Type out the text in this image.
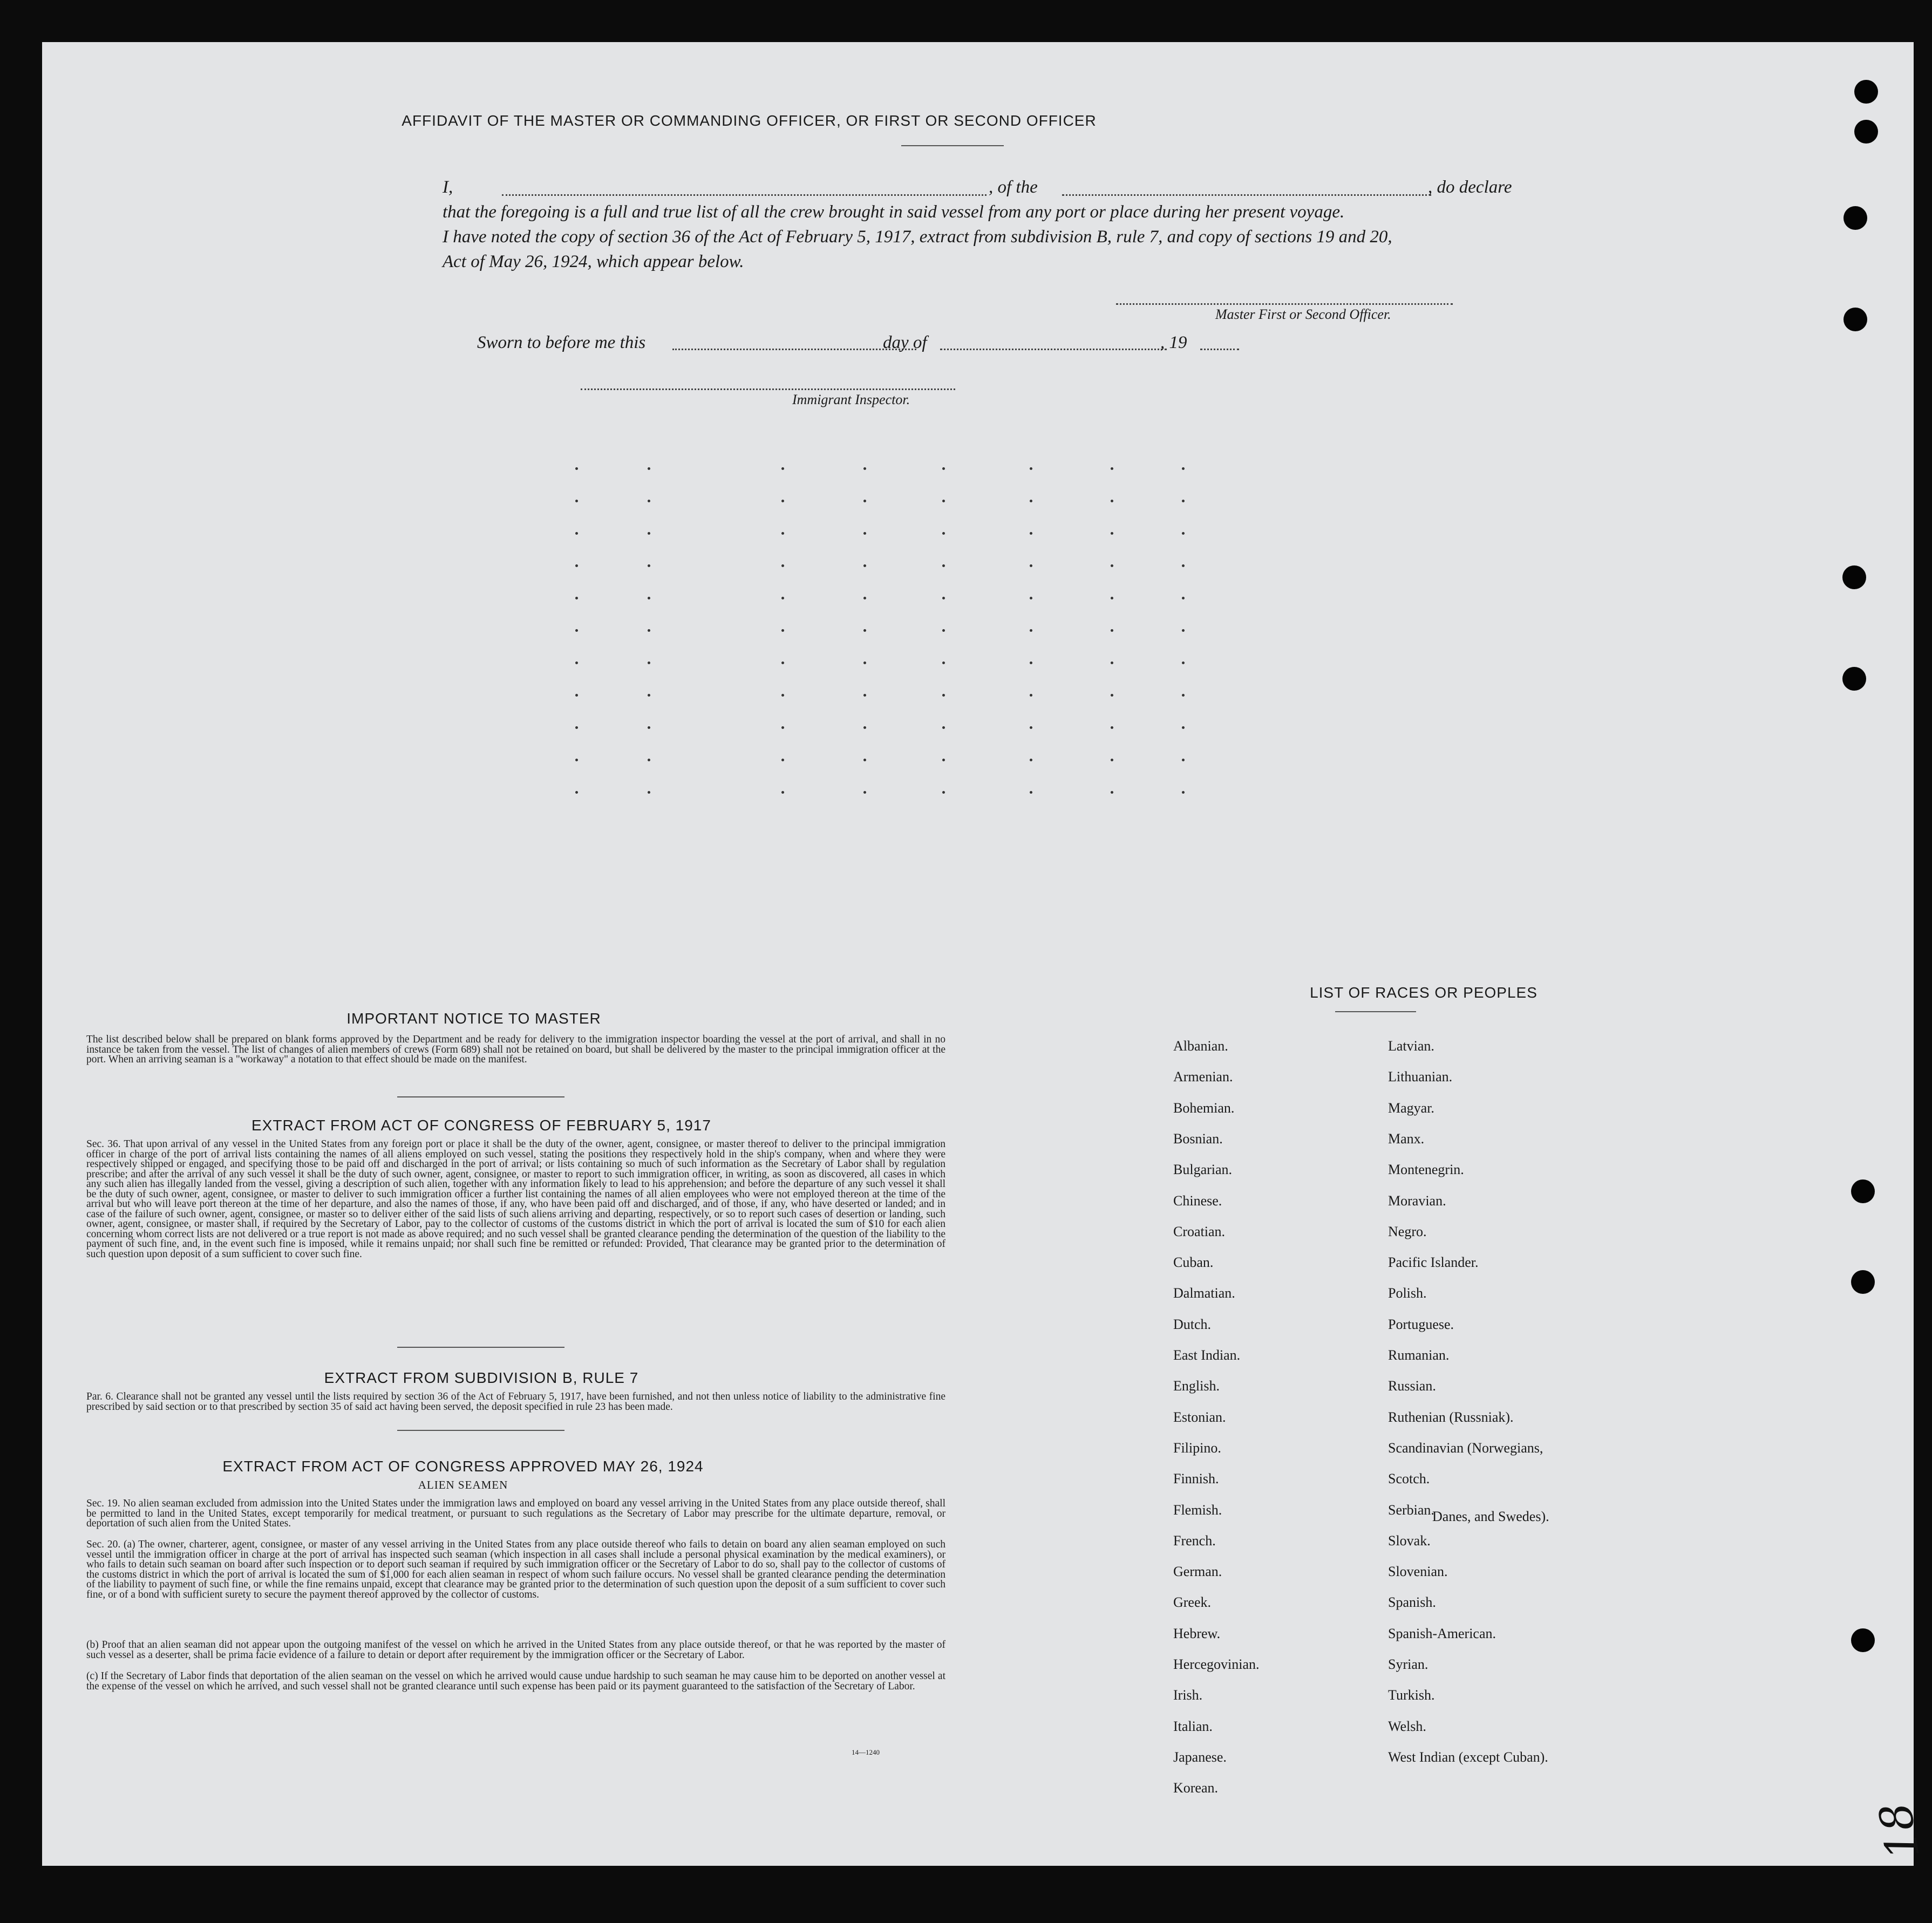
AFFIDAVIT OF THE MASTER OR COMMANDING OFFICER, OR FIRST OR SECOND OFFICER
I,	, of the	, do declare
that the foregoing is a full and true list of all the crew brought in said vessel from any port or place during her present voyage.
I have noted the copy of section 36 of the Act of February 5, 1917, extract from subdivision B, rule 7, and copy of sections 19 and 20,
Act of May 26, 1924, which appear below.
Master First or Second Officer.
Sworn to before me this	day of	, 19
Immigrant Inspector.
IMPORTANT NOTICE TO MASTER
The list described below shall be prepared on blank forms approved by the Department and be ready for delivery to the immigration inspector boarding the vessel at the port of arrival, and shall in no instance be taken from the vessel. The list of changes of alien members of crews (Form 689) shall not be retained on board, but shall be delivered by the master to the principal immigration officer at the port. When an arriving seaman is a "workaway" a notation to that effect should be made on the manifest.
EXTRACT FROM ACT OF CONGRESS OF FEBRUARY 5, 1917
Sec. 36. That upon arrival of any vessel in the United States from any foreign port or place it shall be the duty of the owner, agent, consignee, or master thereof to deliver to the principal immigration officer in charge of the port of arrival lists containing the names of all aliens employed on such vessel, stating the positions they respectively hold in the ship's company, when and where they were respectively shipped or engaged, and specifying those to be paid off and discharged in the port of arrival; or lists containing so much of such information as the Secretary of Labor shall by regulation prescribe; and after the arrival of any such vessel it shall be the duty of such owner, agent, consignee, or master to report to such immigration officer, in writing, as soon as discovered, all cases in which any such alien has illegally landed from the vessel, giving a description of such alien, together with any information likely to lead to his apprehension; and before the departure of any such vessel it shall be the duty of such owner, agent, consignee, or master to deliver to such immigration officer a further list containing the names of all alien employees who were not employed thereon at the time of the arrival but who will leave port thereon at the time of her departure, and also the names of those, if any, who have been paid off and discharged, and of those, if any, who have deserted or landed; and in case of the failure of such owner, agent, consignee, or master so to deliver either of the said lists of such aliens arriving and departing, respectively, or so to report such cases of desertion or landing, such owner, agent, consignee, or master shall, if required by the Secretary of Labor, pay to the collector of customs of the customs district in which the port of arrival is located the sum of $10 for each alien concerning whom correct lists are not delivered or a true report is not made as above required; and no such vessel shall be granted clearance pending the determination of the question of the liability to the payment of such fine, and, in the event such fine is imposed, while it remains unpaid; nor shall such fine be remitted or refunded: Provided, That clearance may be granted prior to the determination of such question upon deposit of a sum sufficient to cover such fine.
EXTRACT FROM SUBDIVISION B, RULE 7
Par. 6. Clearance shall not be granted any vessel until the lists required by section 36 of the Act of February 5, 1917, have been furnished, and not then unless notice of liability to the administrative fine prescribed by said section or to that prescribed by section 35 of said act having been served, the deposit specified in rule 23 has been made.
EXTRACT FROM ACT OF CONGRESS APPROVED MAY 26, 1924
ALIEN SEAMEN
Sec. 19. No alien seaman excluded from admission into the United States under the immigration laws and employed on board any vessel arriving in the United States from any place outside thereof, shall be permitted to land in the United States, except temporarily for medical treatment, or pursuant to such regulations as the Secretary of Labor may prescribe for the ultimate departure, removal, or deportation of such alien from the United States.
Sec. 20. (a) The owner, charterer, agent, consignee, or master of any vessel arriving in the United States from any place outside thereof who fails to detain on board any alien seaman employed on such vessel until the immigration officer in charge at the port of arrival has inspected such seaman (which inspection in all cases shall include a personal physical examination by the medical examiners), or who fails to detain such seaman on board after such inspection or to deport such seaman if required by such immigration officer or the Secretary of Labor to do so, shall pay to the collector of customs of the customs district in which the port of arrival is located the sum of $1,000 for each alien seaman in respect of whom such failure occurs. No vessel shall be granted clearance pending the determination of the liability to payment of such fine, or while the fine remains unpaid, except that clearance may be granted prior to the determination of such question upon the deposit of a sum sufficient to cover such fine, or of a bond with sufficient surety to secure the payment thereof approved by the collector of customs.
(b) Proof that an alien seaman did not appear upon the outgoing manifest of the vessel on which he arrived in the United States from any place outside thereof, or that he was reported by the master of such vessel as a deserter, shall be prima facie evidence of a failure to detain or deport after requirement by the immigration officer or the Secretary of Labor.
(c) If the Secretary of Labor finds that deportation of the alien seaman on the vessel on which he arrived would cause undue hardship to such seaman he may cause him to be deported on another vessel at the expense of the vessel on which he arrived, and such vessel shall not be granted clearance until such expense has been paid or its payment guaranteed to the satisfaction of the Secretary of Labor.
14—1240
LIST OF RACES OR PEOPLES
Danes, and Swedes).
18
Albanian.
Armenian.
Bohemian.
Bosnian.
Bulgarian.
Chinese.
Croatian.
Cuban.
Dalmatian.
Dutch.
East Indian.
English.
Estonian.
Filipino.
Finnish.
Flemish.
French.
German.
Greek.
Hebrew.
Hercegovinian.
Irish.
Italian.
Japanese.
Korean.
Latvian.
Lithuanian.
Magyar.
Manx.
Montenegrin.
Moravian.
Negro.
Pacific Islander.
Polish.
Portuguese.
Rumanian.
Russian.
Ruthenian (Russniak).
Scandinavian (Norwegians,
Scotch.
Serbian.
Slovak.
Slovenian.
Spanish.
Spanish-American.
Syrian.
Turkish.
Welsh.
West Indian (except Cuban).
